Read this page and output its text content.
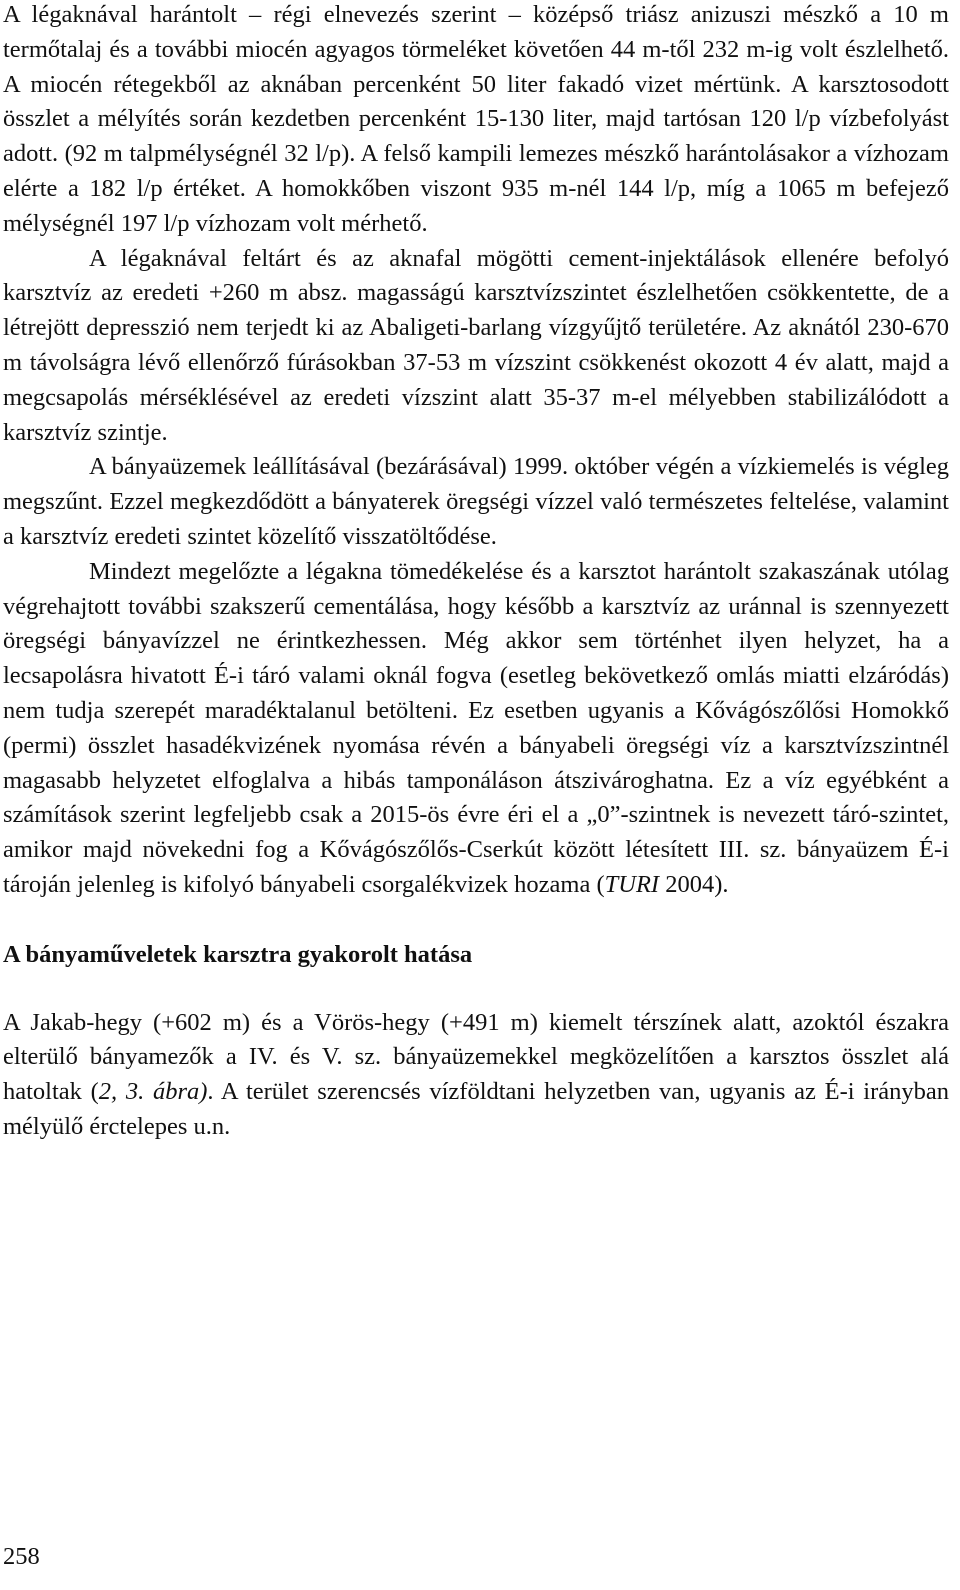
A légaknával harántolt – régi elnevezés szerint – középső triász anizuszi mészkő a 10 m termőtalaj és a további miocén agyagos törmeléket követően 44 m-től 232 m-ig volt észlelhető. A miocén rétegekből az aknában percenként 50 liter fakadó vizet mértünk. A karsztosodott összlet a mélyítés során kezdetben percenként 15-130 liter, majd tartósan 120 l/p vízbefolyást adott. (92 m talpmélységnél 32 l/p). A felső kampili lemezes mészkő harántolásakor a vízhozam elérte a 182 l/p értéket. A homokkőben viszont 935 m-nél 144 l/p, míg a 1065 m befejező mélységnél 197 l/p vízhozam volt mérhető.

A légaknával feltárt és az aknafal mögötti cement-injektálások ellenére befolyó karsztvíz az eredeti +260 m absz. magasságú karsztvízszintet észlelhetően csökkentette, de a létrejött depresszió nem terjedt ki az Abaligeti-barlang vízgyűjtő területére. Az aknától 230-670 m távolságra lévő ellenőrző fúrásokban 37-53 m vízszint csökkenést okozott 4 év alatt, majd a megcsapolás mérséklésével az eredeti vízszint alatt 35-37 m-el mélyebben stabilizálódott a karsztvíz szintje.

A bányaüzemek leállításával (bezárásával) 1999. október végén a vízkiemelés is végleg megszűnt. Ezzel megkezdődött a bányaterek öregségi vízzel való természetes feltelése, valamint a karsztvíz eredeti szintet közelítő visszatöltődése.

Mindezt megelőzte a légakna tömedékelése és a karsztot harántolt szakaszának utólag végrehajtott további szakszerű cementálása, hogy később a karsztvíz az uránnal is szennyezett öregségi bányavízzel ne érintkezhessen. Még akkor sem történhet ilyen helyzet, ha a lecsapolásra hivatott É-i táró valami oknál fogva (esetleg bekövetkező omlás miatti elzáródás) nem tudja szerepét maradéktalanul betölteni. Ez esetben ugyanis a Kővágószőlősi Homokkő (permi) összlet hasadékvizének nyomása révén a bányabeli öregségi víz a karsztvízszintnél magasabb helyzetet elfoglalva a hibás tamponáláson átszivároghatna. Ez a víz egyébként a számítások szerint legfeljebb csak a 2015-ös évre éri el a „0”-szintnek is nevezett táró-szintet, amikor majd növekedni fog a Kővágószőlős-Cserkút között létesített III. sz. bányaüzem É-i tároján jelenleg is kifolyó bányabeli csorgalékvizek hozama (TURI 2004).

A bányaműveletek karsztra gyakorolt hatása

A Jakab-hegy (+602 m) és a Vörös-hegy (+491 m) kiemelt térszínek alatt, azoktól északra elterülő bányamezők a IV. és V. sz. bányaüzemekkel megközelítően a karsztos összlet alá hatoltak (2, 3. ábra). A terület szerencsés vízföldtani helyzetben van, ugyanis az É-i irányban mélyülő érctelepes u.n.

258
